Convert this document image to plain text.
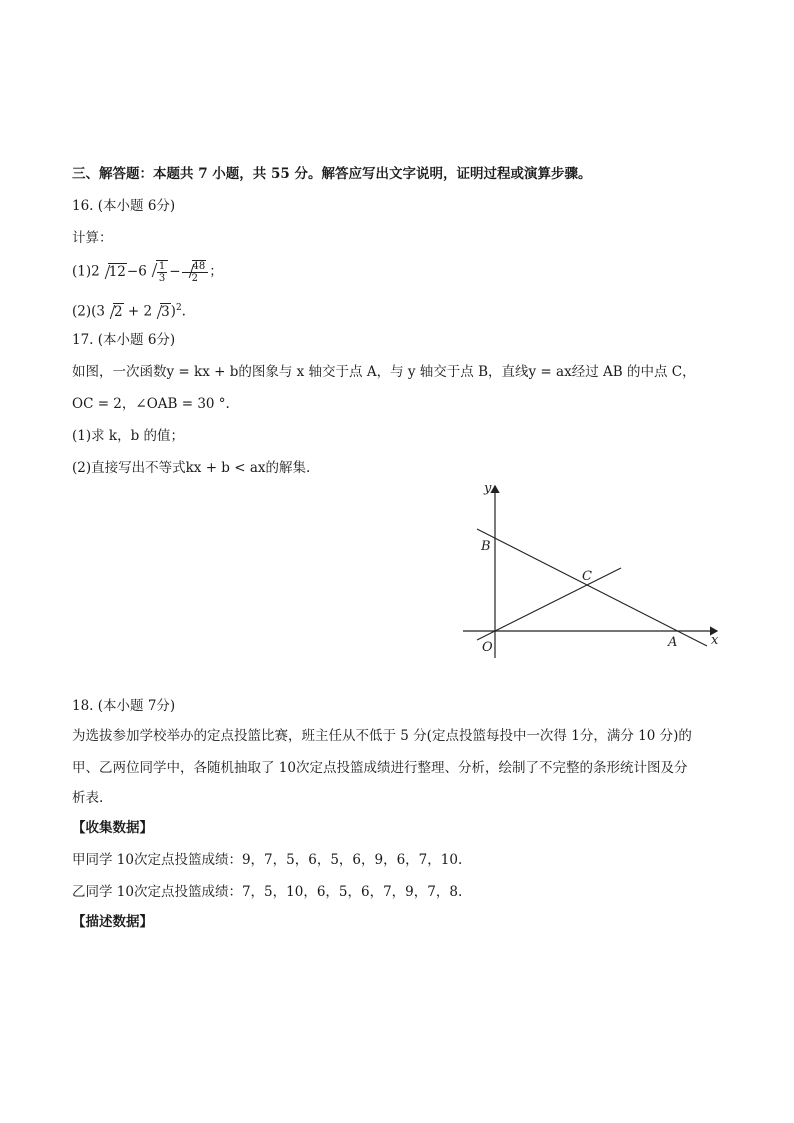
三、解答题：本题共 7 小题，共 55 分。解答应写出文字说明，证明过程或演算步骤。
16. (本小题 6分)
计算：
(1)2 $12-6 \frac{1}{3} - \frac{48}{2}$ ；
(2)(3 2 + 2 3)$^2$.
17. (本小题 6分)
如图，一次函数y = kx + b的图象与 x 轴交于点 A，与 y 轴交于点 B，直线y = ax经过 AB 的中点 C，
OC = 2，∠OAB = 30 °.
(1)求 k，b 的值；
(2)直接写出不等式kx + b < ax的解集.
y
x
B
C
O	A
18. (本小题 7分)
为选拔参加学校举办的定点投篮比赛，班主任从不低于 5 分(定点投篮每投中一次得 1分，满分 10 分)的
甲、乙两位同学中，各随机抽取了 10次定点投篮成绩进行整理、分析，绘制了不完整的条形统计图及分
析表.
【收集数据】
甲同学 10次定点投篮成绩：9，7，5，6，5，6，9，6，7，10.
乙同学 10次定点投篮成绩：7，5，10，6，5，6，7，9，7，8.
【描述数据】
